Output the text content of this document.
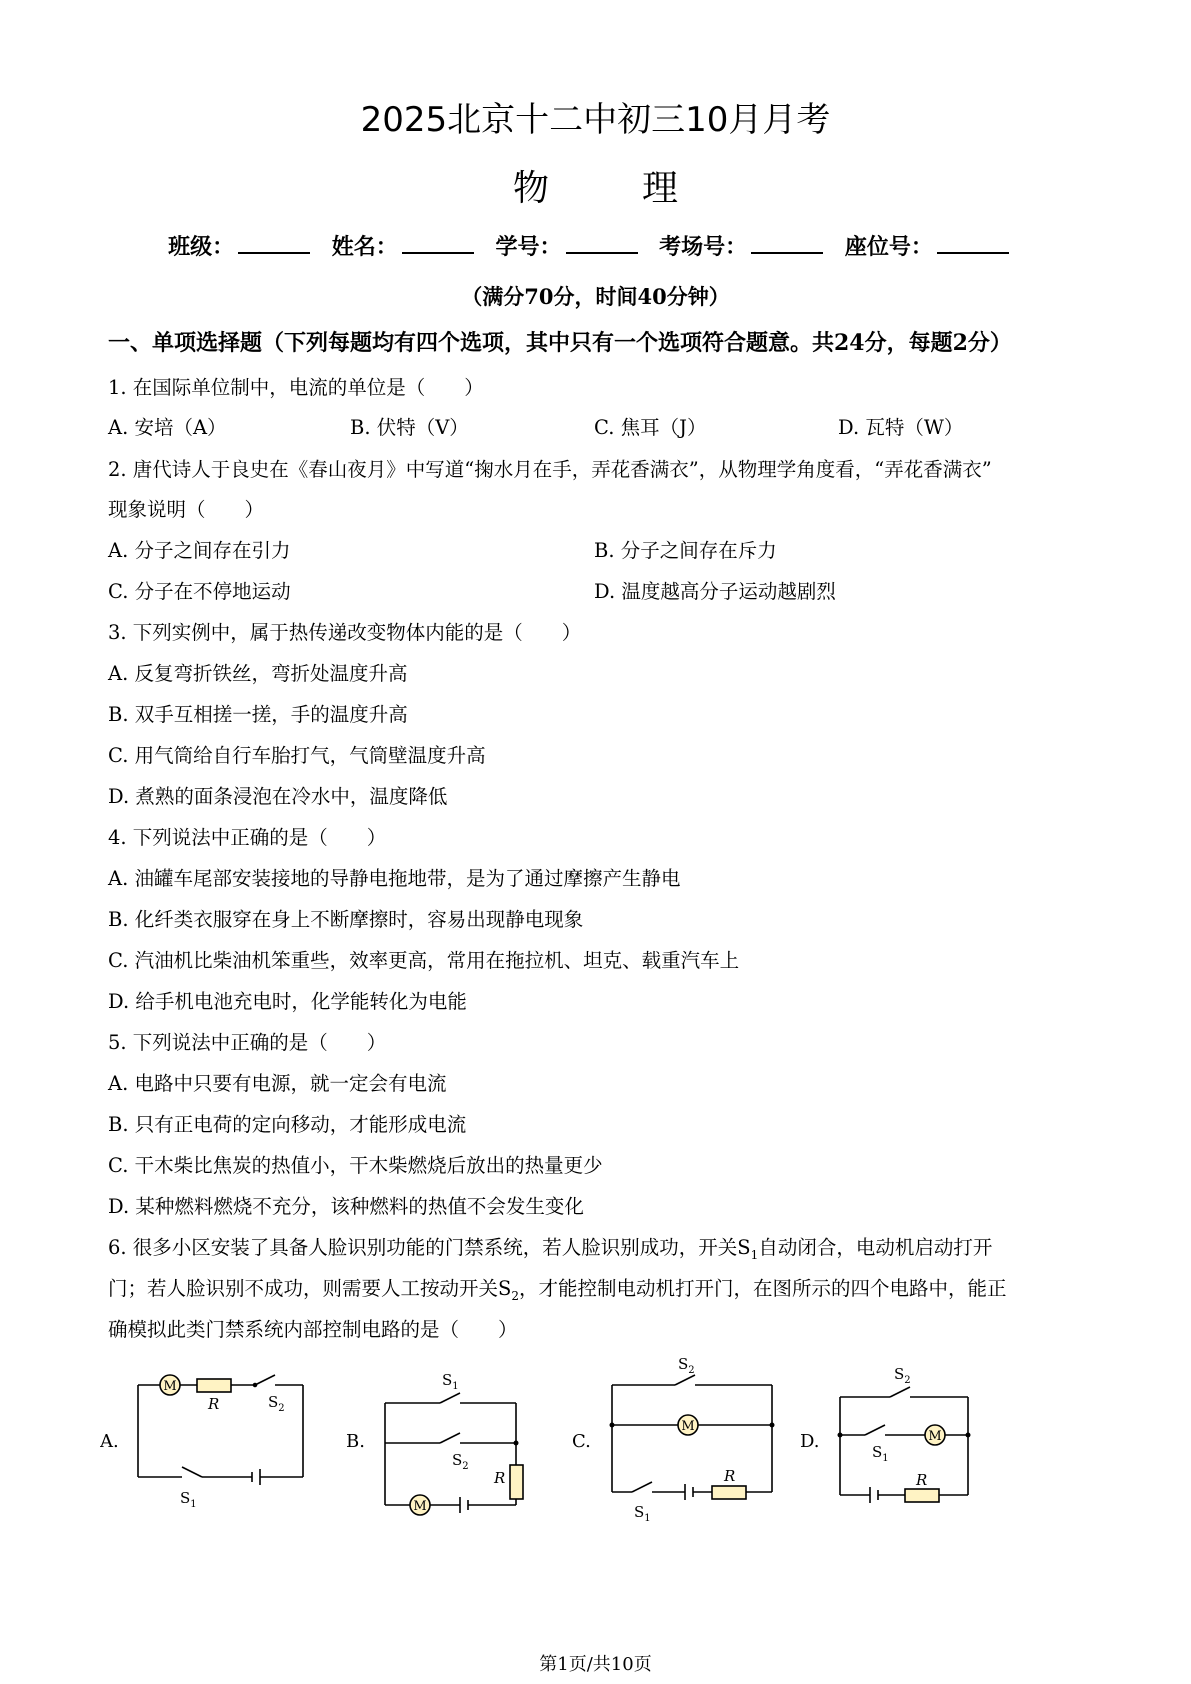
2025北京十二中初三10月月考
物	理
班级：	姓名：	学号：	考场号：	座位号：
（满分70分，时间40分钟）
一、单项选择题（下列每题均有四个选项，其中只有一个选项符合题意。共24分，每题2分）
1. 在国际单位制中，电流的单位是（　　）
A. 安培（A）	B. 伏特（V）	C. 焦耳（J）	D. 瓦特（W）
2. 唐代诗人于良史在《春山夜月》中写道“掬水月在手，弄花香满衣”，从物理学角度看，“弄花香满衣”
现象说明（　　）
A. 分子之间存在引力	B. 分子之间存在斥力
C. 分子在不停地运动	D. 温度越高分子运动越剧烈
3. 下列实例中，属于热传递改变物体内能的是（　　）
A. 反复弯折铁丝，弯折处温度升高
B. 双手互相搓一搓，手的温度升高
C. 用气筒给自行车胎打气，气筒壁温度升高
D. 煮熟的面条浸泡在冷水中，温度降低
4. 下列说法中正确的是（　　）
A. 油罐车尾部安装接地的导静电拖地带，是为了通过摩擦产生静电
B. 化纤类衣服穿在身上不断摩擦时，容易出现静电现象
C. 汽油机比柴油机笨重些，效率更高，常用在拖拉机、坦克、载重汽车上
D. 给手机电池充电时，化学能转化为电能
5. 下列说法中正确的是（　　）
A. 电路中只要有电源，就一定会有电流
B. 只有正电荷的定向移动，才能形成电流
C. 干木柴比焦炭的热值小，干木柴燃烧后放出的热量更少
D. 某种燃料燃烧不充分，该种燃料的热值不会发生变化
6. 很多小区安装了具备人脸识别功能的门禁系统，若人脸识别成功，开关$S_1$自动闭合，电动机启动打开
门；若人脸识别不成功，则需要人工按动开关$S_2$，才能控制电动机打开门，在图所示的四个电路中，能正
确模拟此类门禁系统内部控制电路的是（　　）
A.	B.	C.	D.
M
M
M
M
R
R	R	R
$S_2$
$S_1$
$S_1$
$S_2$
$S_2$
$S_1$
$S_2$
$S_1$
第1页/共10页
